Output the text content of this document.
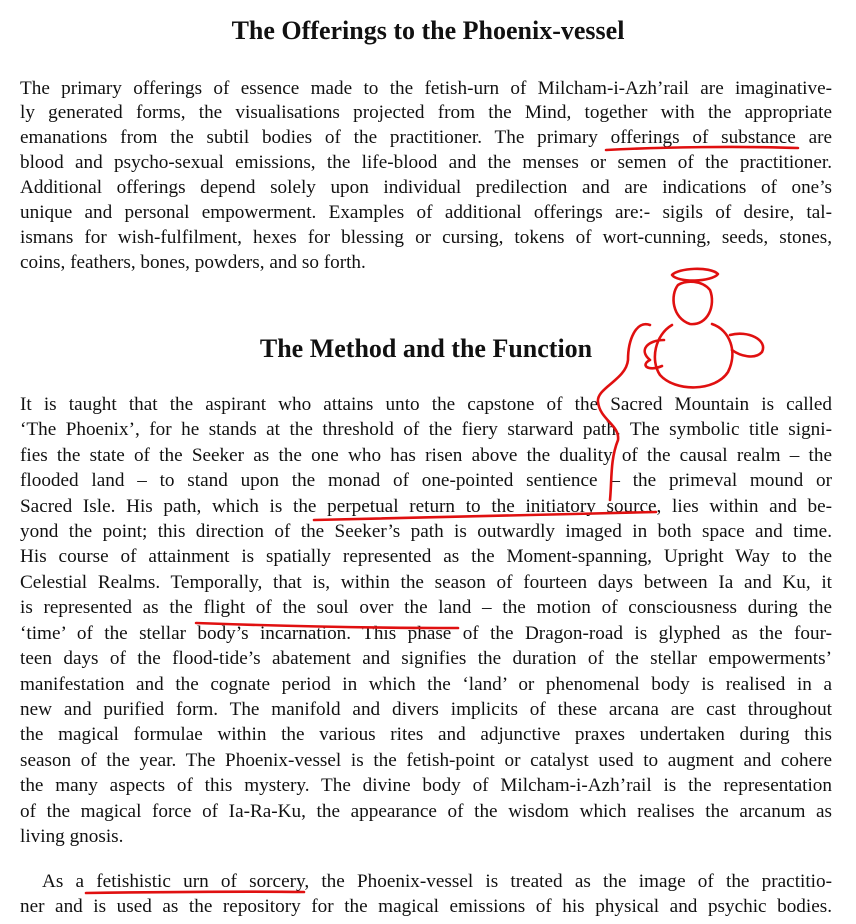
The Offerings to the Phoenix-vessel
The primary offerings of essence made to the fetish-urn of Milcham-i-Azh’rail are imaginative-
ly generated forms, the visualisations projected from the Mind, together with the appropriate
emanations from the subtil bodies of the practitioner. The primary offerings of substance are
blood and psycho-sexual emissions, the life-blood and the menses or semen of the practitioner.
Additional offerings depend solely upon individual predilection and are indications of one’s
unique and personal empowerment. Examples of additional offerings are:- sigils of desire, tal-
ismans for wish-fulfilment, hexes for blessing or cursing, tokens of wort-cunning, seeds, stones,
coins, feathers, bones, powders, and so forth.
The Method and the Function
It is taught that the aspirant who attains unto the capstone of the Sacred Mountain is called
‘The Phoenix’, for he stands at the threshold of the fiery starward path. The symbolic title signi-
fies the state of the Seeker as the one who has risen above the duality of the causal realm – the
flooded land – to stand upon the monad of one-pointed sentience – the primeval mound or
Sacred Isle. His path, which is the perpetual return to the initiatory source, lies within and be-
yond the point; this direction of the Seeker’s path is outwardly imaged in both space and time.
His course of attainment is spatially represented as the Moment-spanning, Upright Way to the
Celestial Realms. Temporally, that is, within the season of fourteen days between Ia and Ku, it
is represented as the flight of the soul over the land – the motion of consciousness during the
‘time’ of the stellar body’s incarnation. This phase of the Dragon-road is glyphed as the four-
teen days of the flood-tide’s abatement and signifies the duration of the stellar empowerments’
manifestation and the cognate period in which the ‘land’ or phenomenal body is realised in a
new and purified form. The manifold and divers implicits of these arcana are cast throughout
the magical formulae within the various rites and adjunctive praxes undertaken during this
season of the year. The Phoenix-vessel is the fetish-point or catalyst used to augment and cohere
the many aspects of this mystery. The divine body of Milcham-i-Azh’rail is the representation
of the magical force of Ia-Ra-Ku, the appearance of the wisdom which realises the arcanum as
living gnosis.
As a fetishistic urn of sorcery, the Phoenix-vessel is treated as the image of the practitio-
ner and is used as the repository for the magical emissions of his physical and psychic bodies.
